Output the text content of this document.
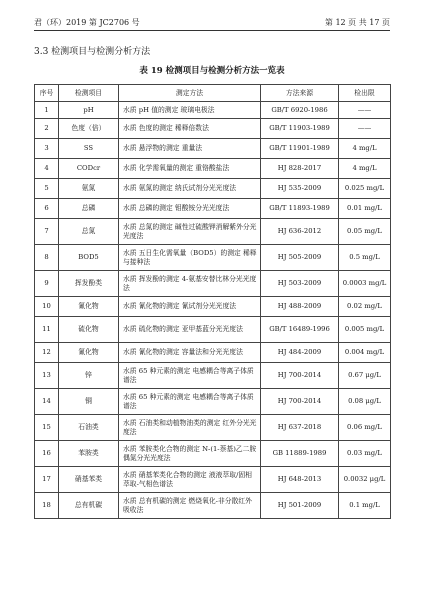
君（环）2019 第 JC2706 号	第 12 页 共 17 页
3.3 检测项目与检测分析方法
表 19 检测项目与检测分析方法一览表
序号	检测项目	测定方法	方法来源	检出限
1	pH	水质 pH 值的测定 玻璃电极法	GB/T 6920-1986	——
2	色度（倍）	水质 色度的测定 稀释倍数法	GB/T 11903-1989	——
3	SS	水质 悬浮物的测定 重量法	GB/T 11901-1989	4 mg/L
4	CODcr	水质 化学需氧量的测定 重铬酸盐法	HJ 828-2017	4 mg/L
5	氨氮	水质 氨氮的测定 纳氏试剂分光光度法	HJ 535-2009	0.025 mg/L
6	总磷	水质 总磷的测定 钼酸铵分光光度法	GB/T 11893-1989	0.01 mg/L
7	总氮	水质 总氮的测定 碱性过硫酸钾消解紫外分光光度法	HJ 636-2012	0.05 mg/L
8	BOD5	水质 五日生化需氧量（BOD5）的测定 稀释与接种法	HJ 505-2009	0.5 mg/L
9	挥发酚类	水质 挥发酚的测定 4-氨基安替比林分光光度法	HJ 503-2009	0.0003 mg/L
10	氰化物	水质 氰化物的测定 氰试剂分光光度法	HJ 488-2009	0.02 mg/L
11	硫化物	水质 硫化物的测定 亚甲基蓝分光光度法	GB/T 16489-1996	0.005 mg/L
12	氰化物	水质 氰化物的测定 容量法和分光光度法	HJ 484-2009	0.004 mg/L
13	锌	水质 65 种元素的测定 电感耦合等离子体质谱法	HJ 700-2014	0.67 μg/L
14	铜	水质 65 种元素的测定 电感耦合等离子体质谱法	HJ 700-2014	0.08 μg/L
15	石油类	水质 石油类和动植物油类的测定 红外分光光度法	HJ 637-2018	0.06 mg/L
16	苯胺类	水质 苯胺类化合物的测定 N-(1-萘基)乙二胺偶氮分光光度法	GB 11889-1989	0.03 mg/L
17	硝基苯类	水质 硝基苯类化合物的测定 液液萃取/固相萃取-气相色谱法	HJ 648-2013	0.0032 μg/L
18	总有机碳	水质 总有机碳的测定 燃烧氧化-非分散红外吸收法	HJ 501-2009	0.1 mg/L
